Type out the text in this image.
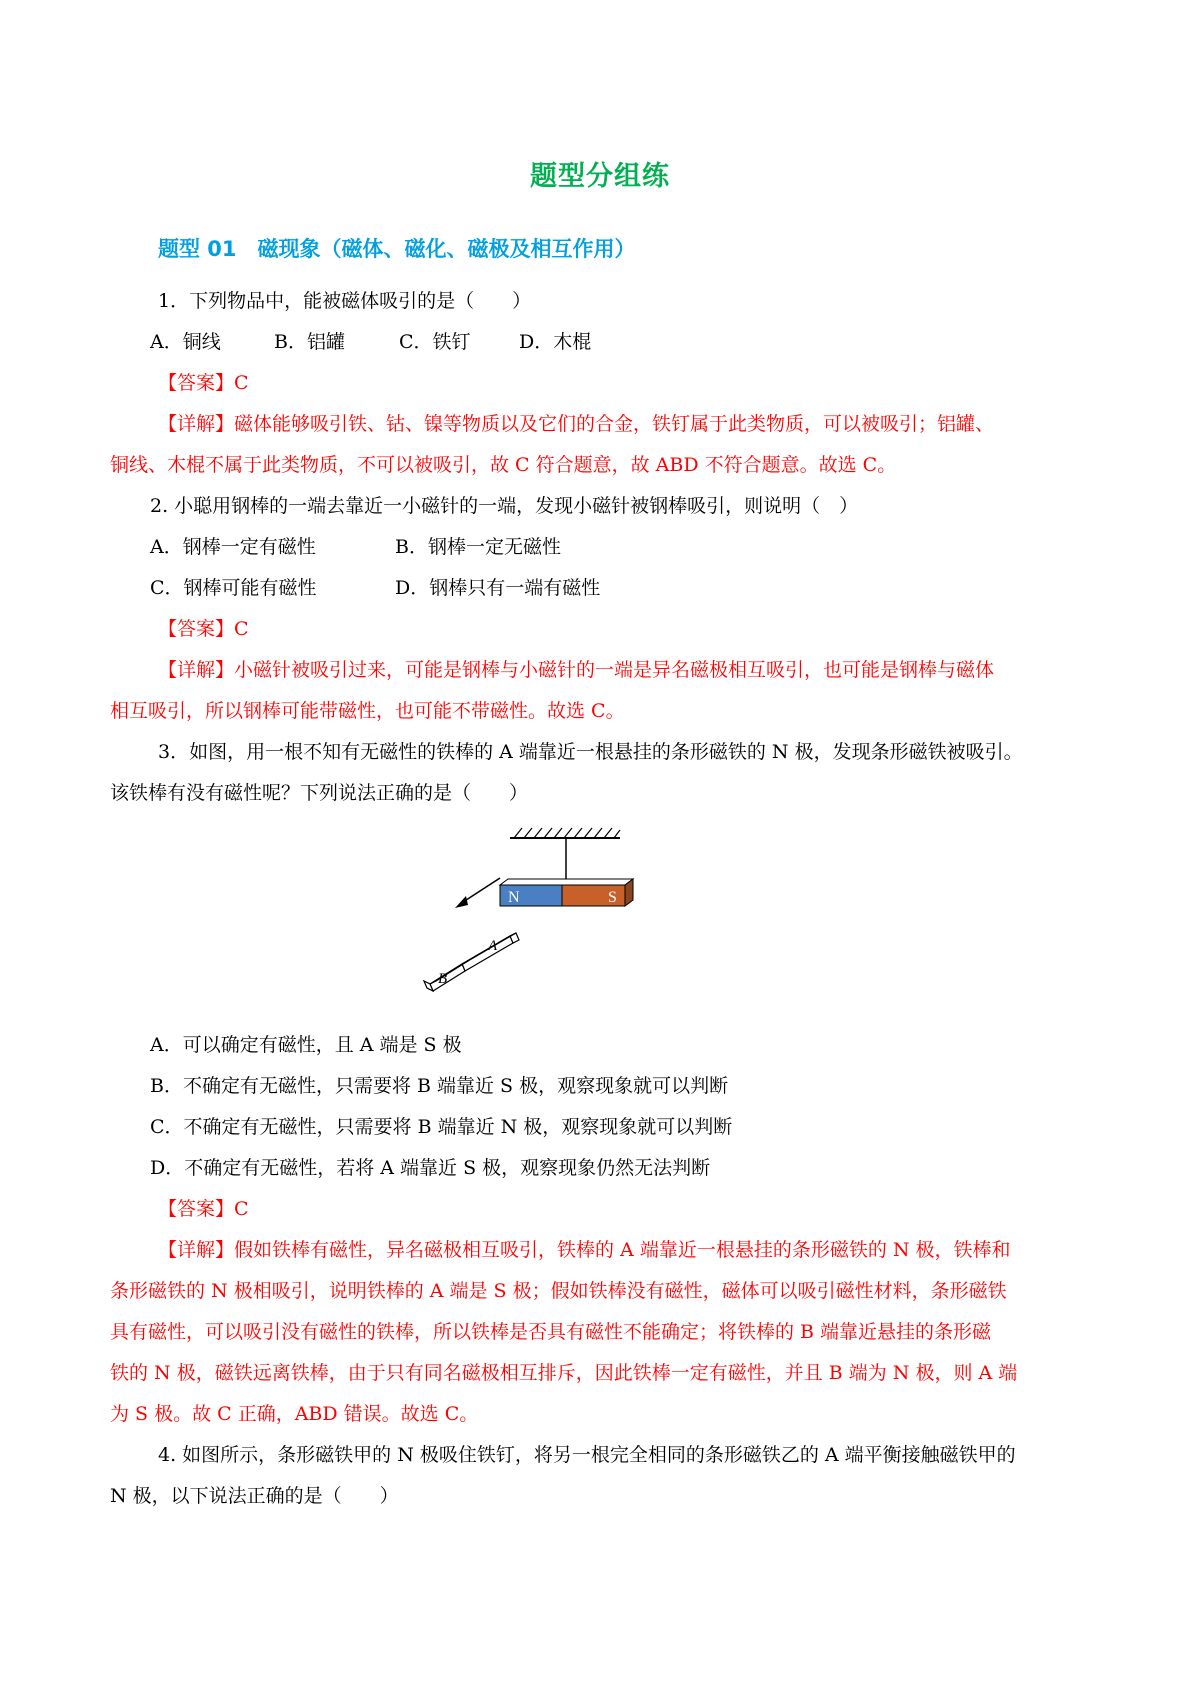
题型分组练
题型 01　磁现象（磁体、磁化、磁极及相互作用）
1．下列物品中，能被磁体吸引的是（　　）
A．铜线	B．铝罐	C．铁钉	D．木棍
【答案】C
【详解】磁体能够吸引铁、钴、镍等物质以及它们的合金，铁钉属于此类物质，可以被吸引；铝罐、
铜线、木棍不属于此类物质，不可以被吸引，故 C 符合题意，故 ABD 不符合题意。故选 C。
2. 小聪用钢棒的一端去靠近一小磁针的一端，发现小磁针被钢棒吸引，则说明（　）
A．钢棒一定有磁性	B．钢棒一定无磁性
C．钢棒可能有磁性	D．钢棒只有一端有磁性
【答案】C
【详解】小磁针被吸引过来，可能是钢棒与小磁针的一端是异名磁极相互吸引，也可能是钢棒与磁体
相互吸引，所以钢棒可能带磁性，也可能不带磁性。故选 C。
3．如图，用一根不知有无磁性的铁棒的 A 端靠近一根悬挂的条形磁铁的 N 极，发现条形磁铁被吸引。
该铁棒有没有磁性呢？下列说法正确的是（　　）
N	S
A
B
A．可以确定有磁性，且 A 端是 S 极
B．不确定有无磁性，只需要将 B 端靠近 S 极，观察现象就可以判断
C．不确定有无磁性，只需要将 B 端靠近 N 极，观察现象就可以判断
D．不确定有无磁性，若将 A 端靠近 S 极，观察现象仍然无法判断
【答案】C
【详解】假如铁棒有磁性，异名磁极相互吸引，铁棒的 A 端靠近一根悬挂的条形磁铁的 N 极，铁棒和
条形磁铁的 N 极相吸引，说明铁棒的 A 端是 S 极；假如铁棒没有磁性，磁体可以吸引磁性材料，条形磁铁
具有磁性，可以吸引没有磁性的铁棒，所以铁棒是否具有磁性不能确定；将铁棒的 B 端靠近悬挂的条形磁
铁的 N 极，磁铁远离铁棒，由于只有同名磁极相互排斥，因此铁棒一定有磁性，并且 B 端为 N 极，则 A 端
为 S 极。故 C 正确，ABD 错误。故选 C。
4. 如图所示，条形磁铁甲的 N 极吸住铁钉，将另一根完全相同的条形磁铁乙的 A 端平衡接触磁铁甲的
N 极，以下说法正确的是（　　）
